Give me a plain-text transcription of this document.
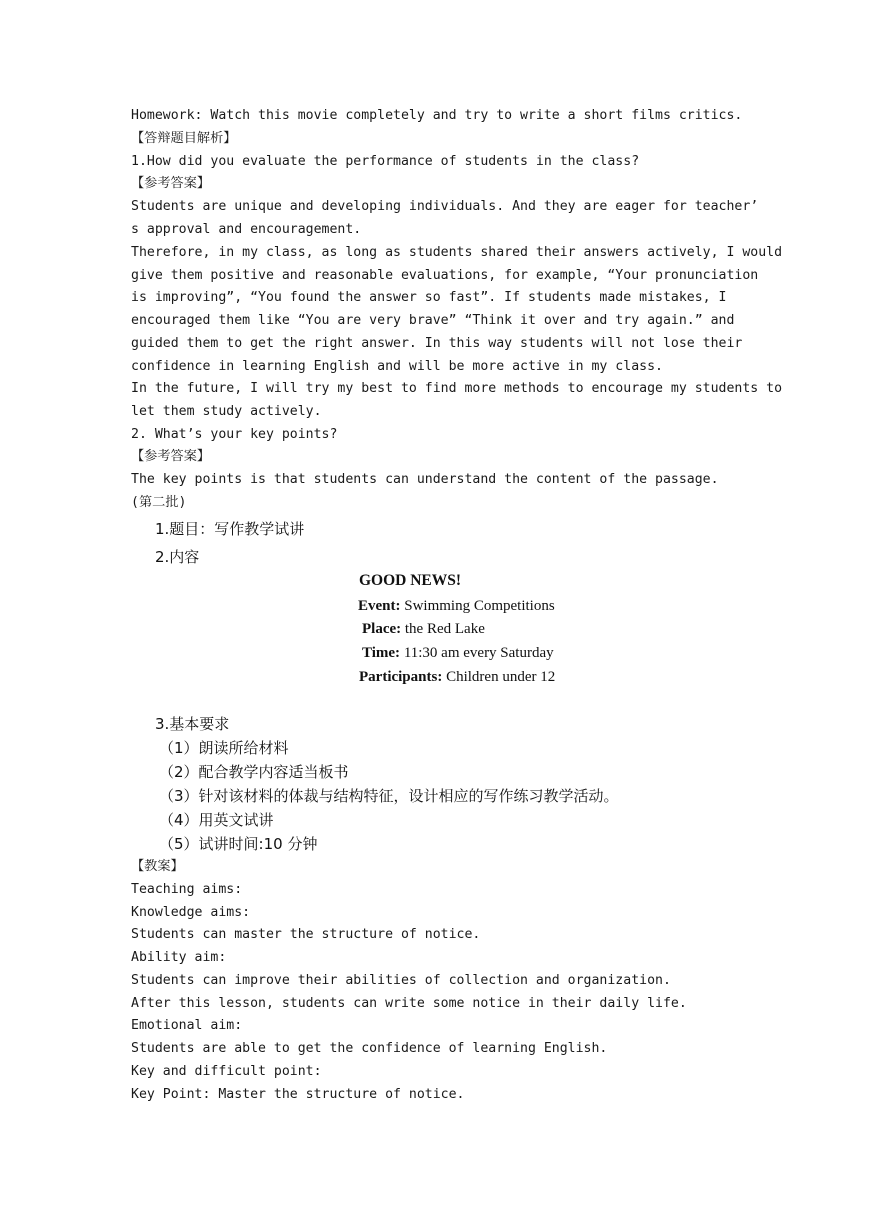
Homework: Watch this movie completely and try to write a short films critics.
【答辩题目解析】
1.How did you evaluate the performance of students in the class?
【参考答案】
Students are unique and developing individuals. And they are eager for teacher’
s approval and encouragement.
Therefore, in my class, as long as students shared their answers actively, I would
give them positive and reasonable evaluations, for example, “Your pronunciation
is improving”, “You found the answer so fast”. If students made mistakes, I
encouraged them like “You are very brave” “Think it over and try again.” and
guided them to get the right answer. In this way students will not lose their
confidence in learning English and will be more active in my class.
In the future, I will try my best to find more methods to encourage my students to
let them study actively.
2. What’s your key points?
【参考答案】
The key points is that students can understand the content of the passage.
(第二批)
1.题目：写作教学试讲
2.内容
GOOD NEWS!
Event: Swimming Competitions
Place: the Red Lake
Time: 11:30 am every Saturday
Participants: Children under 12
3.基本要求
（1）朗读所给材料
（2）配合教学内容适当板书
（3）针对该材料的体裁与结构特征，设计相应的写作练习教学活动。
（4）用英文试讲
（5）试讲时间:10 分钟
【教案】
Teaching aims:
Knowledge aims:
Students can master the structure of notice.
Ability aim:
Students can improve their abilities of collection and organization.
After this lesson, students can write some notice in their daily life.
Emotional aim:
Students are able to get the confidence of learning English.
Key and difficult point:
Key Point: Master the structure of notice.
